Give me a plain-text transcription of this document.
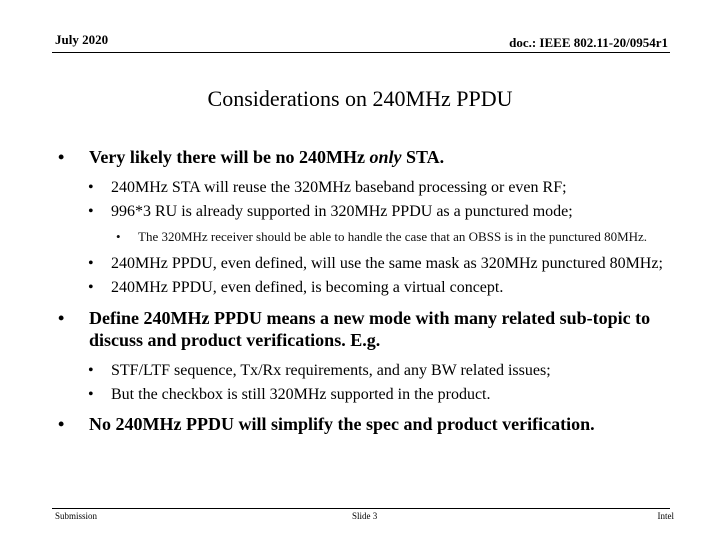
July 2020	doc.: IEEE 802.11-20/0954r1
Considerations on 240MHz PPDU
• Very likely there will be no 240MHz only STA.
• 240MHz STA will reuse the 320MHz baseband processing or even RF;
• 996*3 RU is already supported in 320MHz PPDU as a punctured mode;
• The 320MHz receiver should be able to handle the case that an OBSS is in the punctured 80MHz.
• 240MHz PPDU, even defined, will use the same mask as 320MHz punctured 80MHz;
• 240MHz PPDU, even defined, is becoming a virtual concept.
• Define 240MHz PPDU means a new mode with many related sub-topic to discuss and product verifications. E.g.
• STF/LTF sequence, Tx/Rx requirements, and any BW related issues;
• But the checkbox is still 320MHz supported in the product.
• No 240MHz PPDU will simplify the spec and product verification.
Submission	Slide 3	Intel
